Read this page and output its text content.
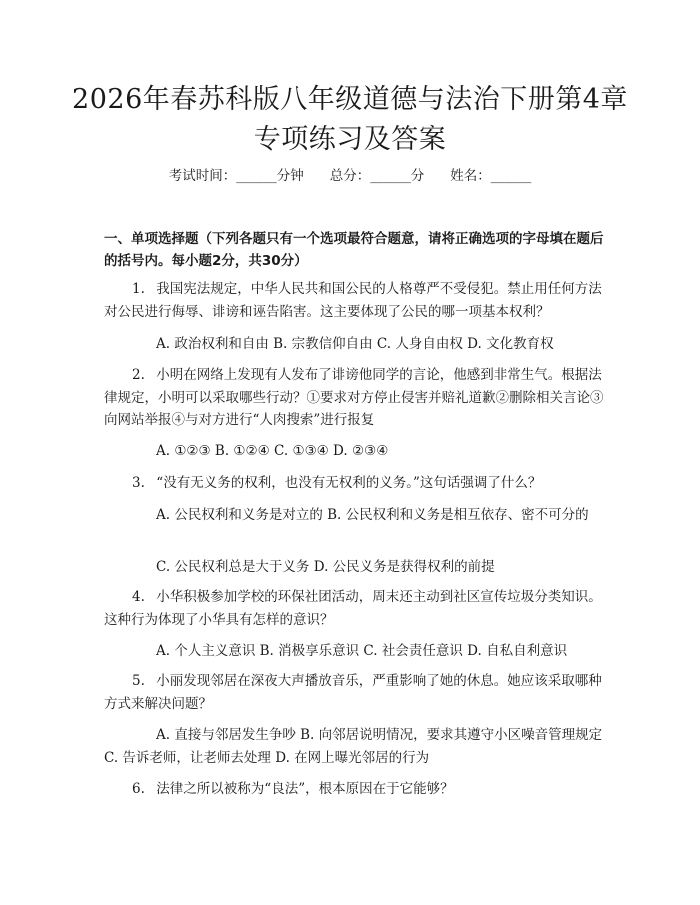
2026年春苏科版八年级道德与法治下册第4章专项练习及答案
考试时间：______分钟 总分：______分 姓名：______
一、单项选择题（下列各题只有一个选项最符合题意，请将正确选项的字母填在题后的括号内。每小题2分，共30分）

1. 我国宪法规定，中华人民共和国公民的人格尊严不受侵犯。禁止用任何方法对公民进行侮辱、诽谤和诬告陷害。这主要体现了公民的哪一项基本权利？

A. 政治权利和自由 B. 宗教信仰自由 C. 人身自由权 D. 文化教育权

2. 小明在网络上发现有人发布了诽谤他同学的言论，他感到非常生气。根据法律规定，小明可以采取哪些行动？①要求对方停止侵害并赔礼道歉②删除相关言论③向网站举报④与对方进行“人肉搜索”进行报复

A. ①②③ B. ①②④ C. ①③④ D. ②③④

3. “没有无义务的权利，也没有无权利的义务。”这句话强调了什么？

A. 公民权利和义务是对立的 B. 公民权利和义务是相互依存、密不可分的

C. 公民权利总是大于义务 D. 公民义务是获得权利的前提

4. 小华积极参加学校的环保社团活动，周末还主动到社区宣传垃圾分类知识。这种行为体现了小华具有怎样的意识？

A. 个人主义意识 B. 消极享乐意识 C. 社会责任意识 D. 自私自利意识

5. 小丽发现邻居在深夜大声播放音乐，严重影响了她的休息。她应该采取哪种方式来解决问题？

A. 直接与邻居发生争吵 B. 向邻居说明情况，要求其遵守小区噪音管理规定 C. 告诉老师，让老师去处理 D. 在网上曝光邻居的行为

6. 法律之所以被称为“良法”，根本原因在于它能够？
